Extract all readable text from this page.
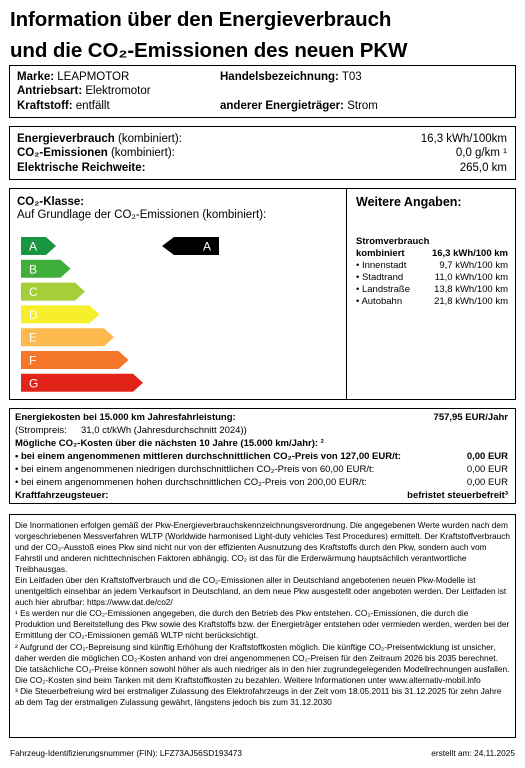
Information über den Energieverbrauch
und die CO₂-Emissionen des neuen PKW
Marke: LEAPMOTOR	Handelsbezeichnung: T03
Antriebsart: Elektromotor
Kraftstoff: entfällt	anderer Energieträger: Strom
Energieverbrauch (kombiniert):	16,3 kWh/100km
CO₂-Emissionen (kombiniert):	0,0 g/km ¹
Elektrische Reichweite:	265,0 km
CO₂-Klasse:
Auf Grundlage der CO₂-Emissionen (kombiniert):
A
B
C
D
E
F
G
A
Weitere Angaben:
Stromverbrauch
kombiniert	16,3 kWh/100 km
• Innenstadt	9,7 kWh/100 km
• Stadtrand	11,0 kWh/100 km
• Landstraße	13,8 kWh/100 km
• Autobahn	21,8 kWh/100 km
Energiekosten bei 15.000 km Jahresfahrleistung:	757,95 EUR/Jahr
(Strompreis: 31,0 ct/kWh (Jahresdurchschnitt 2024))
Mögliche CO₂-Kosten über die nächsten 10 Jahre (15.000 km/Jahr): ²
• bei einem angenommenen mittleren durchschnittlichen CO₂-Preis von 127,00 EUR/t:	0,00 EUR
• bei einem angenommenen niedrigen durchschnittlichen CO₂-Preis von 60,00 EUR/t:	0,00 EUR
• bei einem angenommenen hohen durchschnittlichen CO₂-Preis von 200,00 EUR/t:	0,00 EUR
Kraftfahrzeugsteuer:	befristet steuerbefreit³

Die Inormationen erfolgen gemäß der Pkw-Energieverbrauchskennzeichnungsverordnung. Die angegebenen Werte wurden nach dem vorgeschriebenen Messverfahren WLTP (Worldwide harmonised Light-duty vehicles Test Procedures) ermittelt. Der Kraftstoffverbrauch und der CO₂-Ausstoß eines Pkw sind nicht nur von der effizienten Ausnutzung des Kraftstoffs durch den Pkw, sondern auch vom Fahrstil und anderen nichttechnischen Faktoren abhängig. CO₂ ist das für die Erderwärmung hauptsächlich verantwortliche Treibhausgas.

Ein Leitfaden über den Kraftstoffverbrauch und die CO₂-Emissionen aller in Deutschland angebotenen neuen Pkw-Modelle ist unentgeltlich einsehbar an jedem Verkaufsort in Deutschland, an dem neue Pkw ausgestellt oder angeboten werden. Der Leitfaden ist auch hier abrufbar: https://www.dat.de/co2/

¹ Es werden nur die CO₂-Emissionen angegeben, die durch den Betrieb des Pkw entstehen. CO₂-Emissionen, die durch die Produktion und Bereitstellung des Pkw sowie des Kraftstoffs bzw. der Energieträger entstehen oder vermieden werden, werden bei der Ermittlung der CO₂-Emissionen gemäß WLTP nicht berücksichtigt.

² Aufgrund der CO₂-Bepreisung sind künftig Erhöhung der Kraftstoffkosten möglich. Die künftige CO₂-Preisentwicklung ist unsicher, daher werden die möglichen CO₂-Kosten anhand von drei angenommenen CO₂-Preisen für den Zeitraum 2026 bis 2035 berechnet. Die tatsächliche CO₂-Preise können sowohl höher als auch niedriger als in den hier zugrundegelegenden Modellrechnungen ausfallen. Die CO₂-Kosten sind beim Tanken mit dem Kraftstoffkosten zu bezahlen. Weitere Informationen unter www.alternativ-mobil.info

³ Die Steuerbefreiung wird bei erstmaliger Zulassung des Elektrofahrzeugs in der Zeit vom 18.05.2011 bis 31.12.2025 für zehn Jahre ab dem Tag der erstmaligen Zulassung gewährt, längstens jedoch bis zum 31.12.2030

Fahrzeug-Identifizierungsnummer (FIN): LFZ73AJ56SD193473	erstellt am: 24.11.2025
